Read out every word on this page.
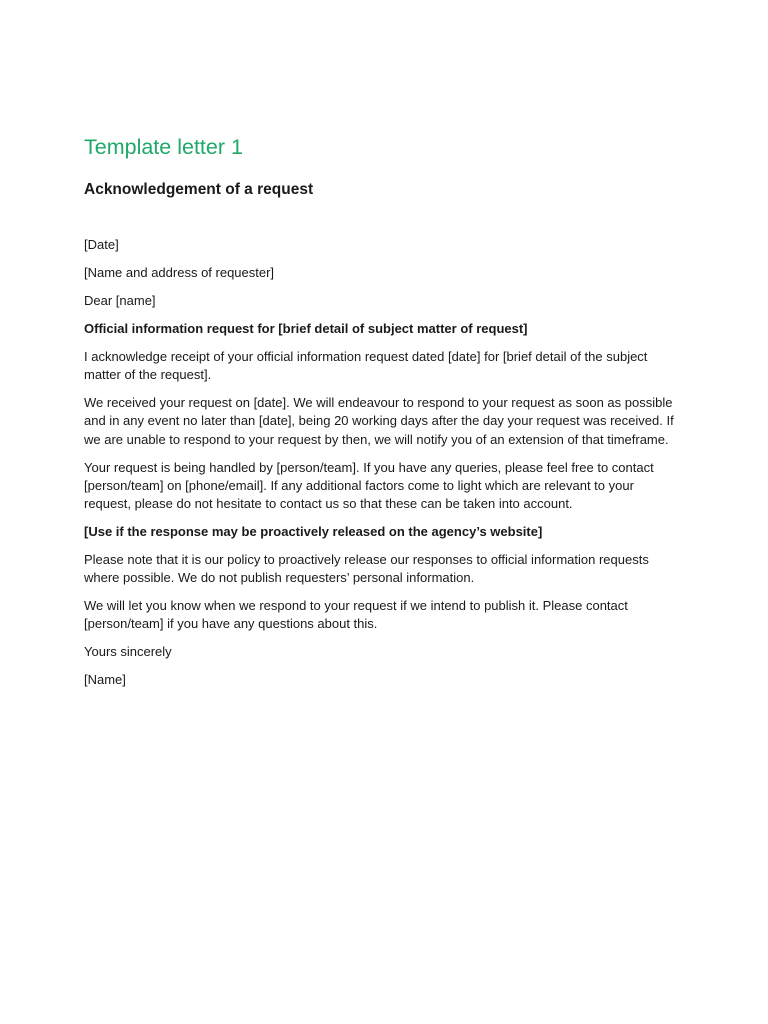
Template letter 1
Acknowledgement of a request

[Date]

[Name and address of requester]

Dear [name]

Official information request for [brief detail of subject matter of request]

I acknowledge receipt of your official information request dated [date] for [brief detail of the subject matter of the request].

We received your request on [date]. We will endeavour to respond to your request as soon as possible and in any event no later than [date], being 20 working days after the day your request was received. If we are unable to respond to your request by then, we will notify you of an extension of that timeframe.

Your request is being handled by [person/team]. If you have any queries, please feel free to contact [person/team] on [phone/email]. If any additional factors come to light which are relevant to your request, please do not hesitate to contact us so that these can be taken into account.

[Use if the response may be proactively released on the agency’s website]

Please note that it is our policy to proactively release our responses to official information requests where possible. We do not publish requesters’ personal information.

We will let you know when we respond to your request if we intend to publish it. Please contact [person/team] if you have any questions about this.

Yours sincerely

[Name]
